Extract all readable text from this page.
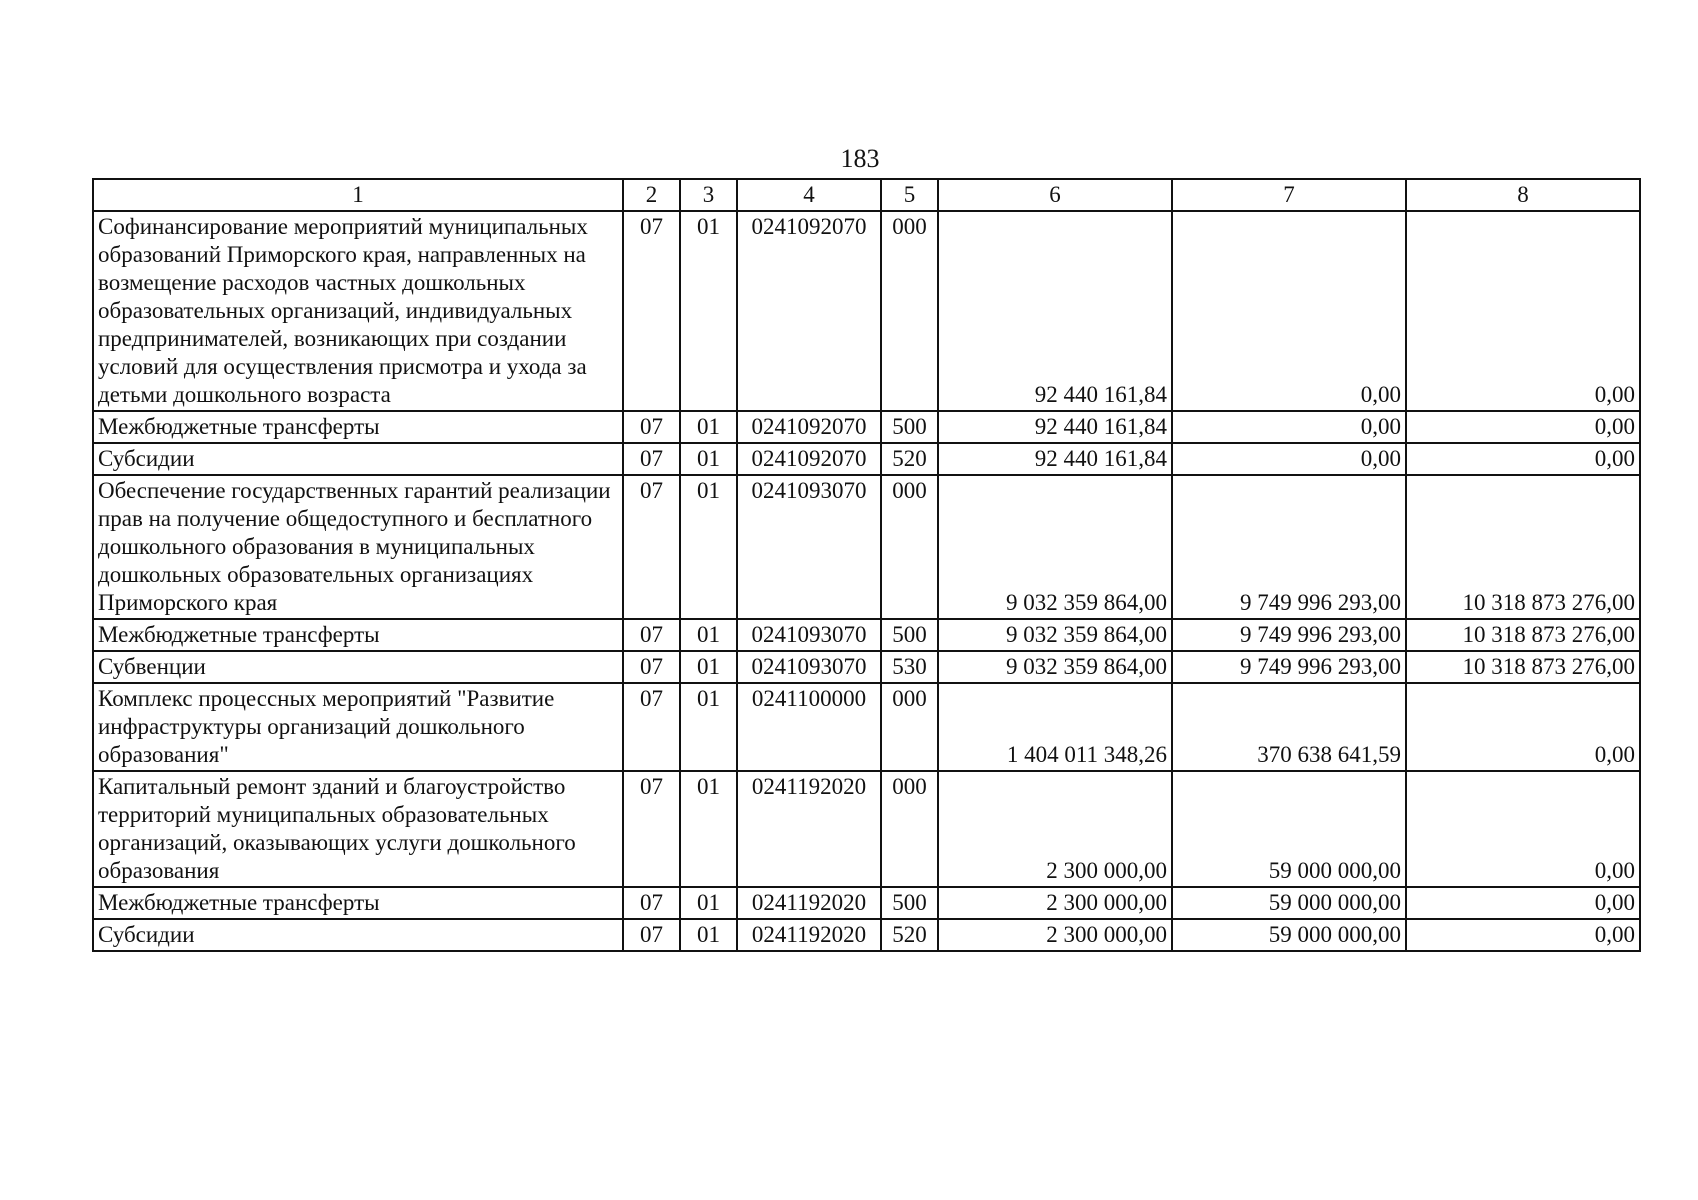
183
1	2	3	4	5	6	7	8
Софинансирование мероприятий муниципальных образований Приморского края, направленных на возмещение расходов частных дошкольных образовательных организаций, индивидуальных предпринимателей, возникающих при создании условий для осуществления присмотра и ухода за детьми дошкольного возраста	07	01	0241092070	000	92 440 161,84	0,00	0,00
Межбюджетные трансферты	07	01	0241092070	500	92 440 161,84	0,00	0,00
Субсидии	07	01	0241092070	520	92 440 161,84	0,00	0,00
Обеспечение государственных гарантий реализации прав на получение общедоступного и бесплатного дошкольного образования в муниципальных дошкольных образовательных организациях Приморского края	07	01	0241093070	000	9 032 359 864,00	9 749 996 293,00	10 318 873 276,00
Межбюджетные трансферты	07	01	0241093070	500	9 032 359 864,00	9 749 996 293,00	10 318 873 276,00
Субвенции	07	01	0241093070	530	9 032 359 864,00	9 749 996 293,00	10 318 873 276,00
Комплекс процессных мероприятий "Развитие инфраструктуры организаций дошкольного образования"	07	01	0241100000	000	1 404 011 348,26	370 638 641,59	0,00
Капитальный ремонт зданий и благоустройство территорий муниципальных образовательных организаций, оказывающих услуги дошкольного образования	07	01	0241192020	000	2 300 000,00	59 000 000,00	0,00
Межбюджетные трансферты	07	01	0241192020	500	2 300 000,00	59 000 000,00	0,00
Субсидии	07	01	0241192020	520	2 300 000,00	59 000 000,00	0,00
